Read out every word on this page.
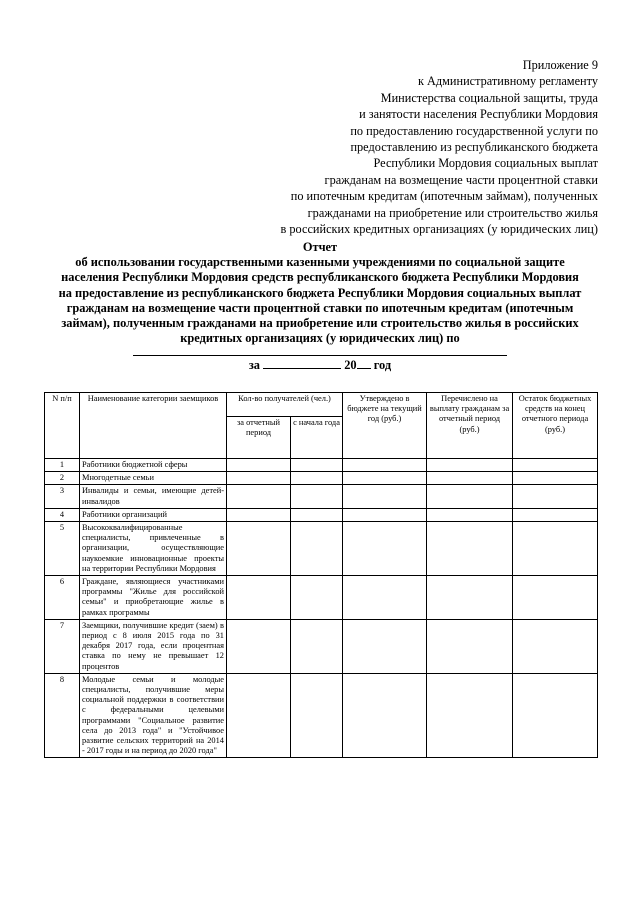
Приложение 9
к Административному регламенту
Министерства социальной защиты, труда
и занятости населения Республики Мордовия
по предоставлению государственной услуги по
предоставлению из республиканского бюджета
Республики Мордовия социальных выплат
гражданам на возмещение части процентной ставки
по ипотечным кредитам (ипотечным займам), полученных
гражданами на приобретение или строительство жилья
в российских кредитных организациях (у юридических лиц)
Отчет
об использовании государственными казенными учреждениями по социальной защите
населения Республики Мордовия средств республиканского бюджета Республики Мордовия
на предоставление из республиканского бюджета Республики Мордовия социальных выплат
гражданам на возмещение части процентной ставки по ипотечным кредитам (ипотечным
займам), полученным гражданами на приобретение или строительство жилья в российских
кредитных организациях (у юридических лиц) по
за	20 год
N п/п	Наименование категории заемщиков	Кол-во получателей (чел.)		Утверждено в бюджете на текущий год (руб.)	Перечислено на выплату гражданам за отчетный период (руб.)	Остаток бюджетных средств на конец отчетного периода (руб.)
		за отчетный период	с начала года			
1	Работники бюджетной сферы					
2	Многодетные семьи					
3	Инвалиды и семьи, имеющие детей-инвалидов					
4	Работники организаций					
5	Высококвалифицированные специалисты, привлеченные в организации, осуществляющие наукоемкие инновационные проекты на территории Республики Мордовия					
6	Граждане, являющиеся участниками программы "Жилье для российской семьи" и приобретающие жилье в рамках программы					
7	Заемщики, получившие кредит (заем) в период с 8 июля 2015 года по 31 декабря 2017 года, если процентная ставка по нему не превышает 12 процентов					
8	Молодые семьи и молодые специалисты, получившие меры социальной поддержки в соответствии с федеральными целевыми программами "Социальное развитие села до 2013 года" и "Устойчивое развитие сельских территорий на 2014 - 2017 годы и на период до 2020 года"					
